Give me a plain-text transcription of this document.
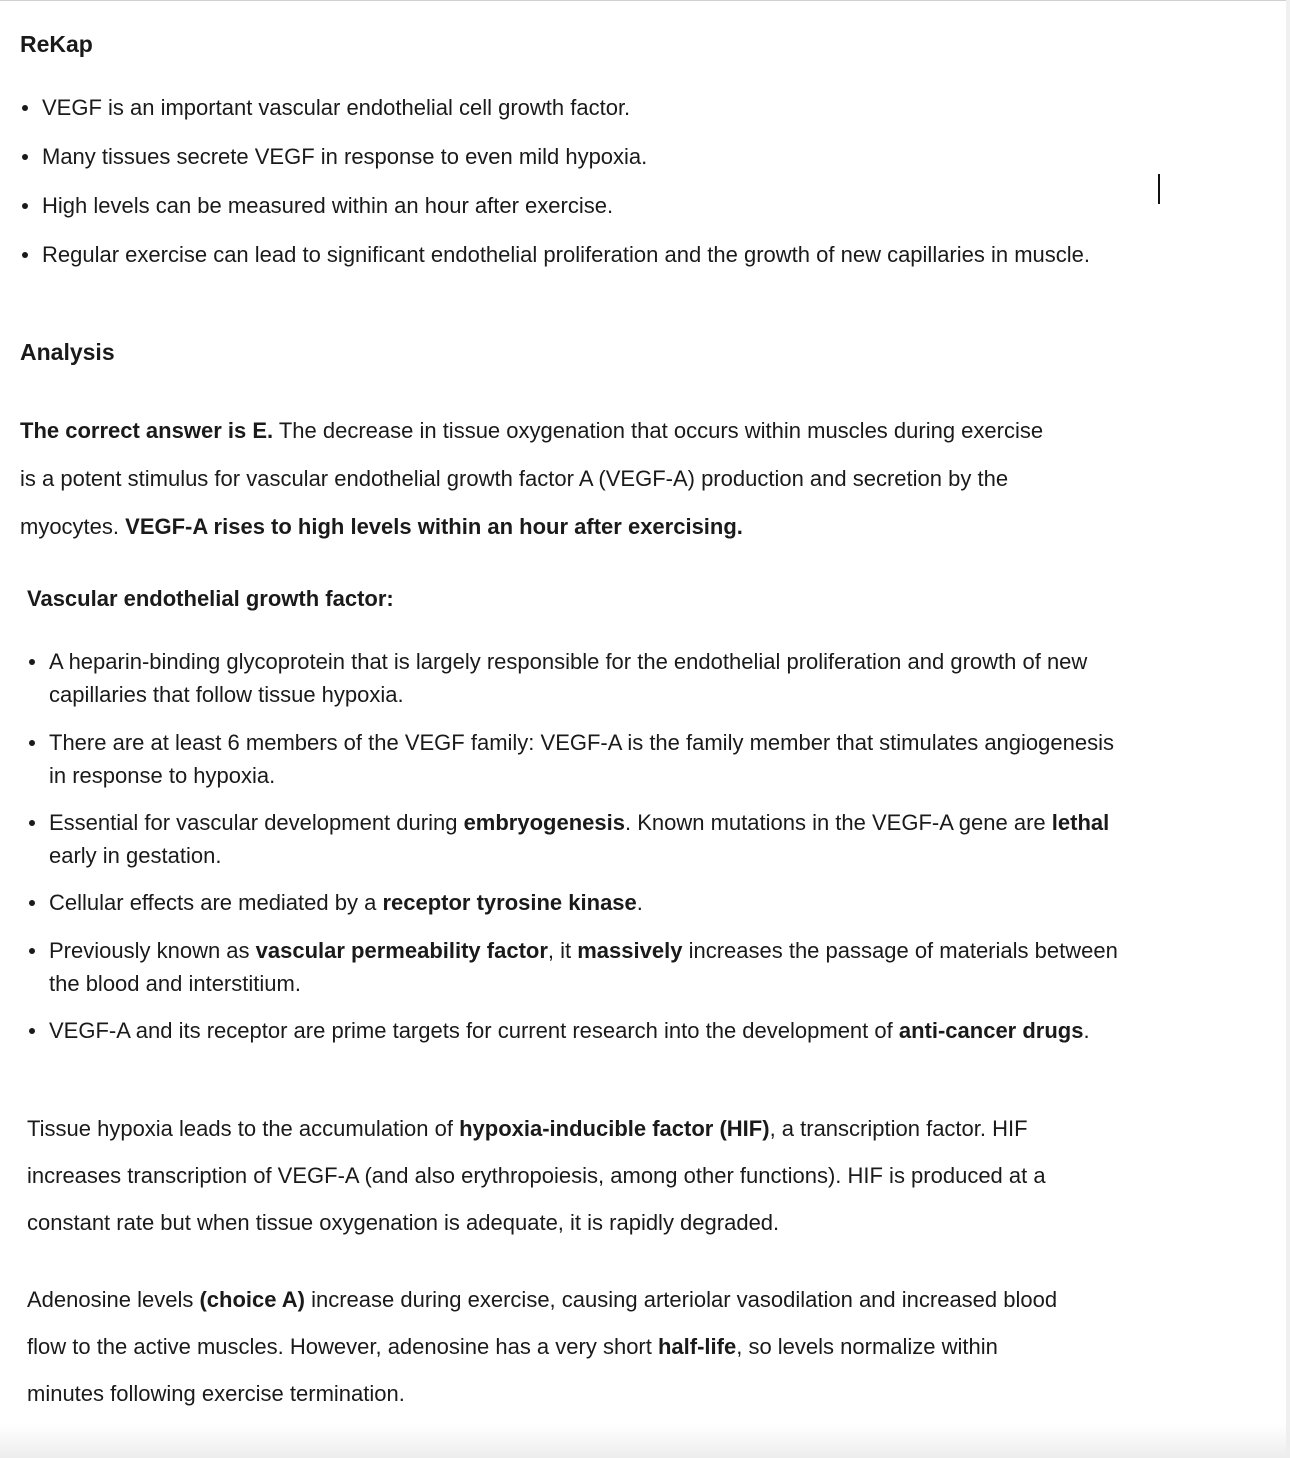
ReKap
VEGF is an important vascular endothelial cell growth factor.
Many tissues secrete VEGF in response to even mild hypoxia.
High levels can be measured within an hour after exercise.
Regular exercise can lead to significant endothelial proliferation and the growth of new capillaries in muscle.
Analysis

The correct answer is E. The decrease in tissue oxygenation that occurs within muscles during exercise is a potent stimulus for vascular endothelial growth factor A (VEGF-A) production and secretion by the myocytes. VEGF-A rises to high levels within an hour after exercising.

Vascular endothelial growth factor:
A heparin-binding glycoprotein that is largely responsible for the endothelial proliferation and growth of new capillaries that follow tissue hypoxia.
There are at least 6 members of the VEGF family: VEGF-A is the family member that stimulates angiogenesis in response to hypoxia.
Essential for vascular development during embryogenesis. Known mutations in the VEGF-A gene are lethal early in gestation.
Cellular effects are mediated by a receptor tyrosine kinase.
Previously known as vascular permeability factor, it massively increases the passage of materials between the blood and interstitium.
VEGF-A and its receptor are prime targets for current research into the development of anti-cancer drugs.

Tissue hypoxia leads to the accumulation of hypoxia-inducible factor (HIF), a transcription factor. HIF increases transcription of VEGF-A (and also erythropoiesis, among other functions). HIF is produced at a constant rate but when tissue oxygenation is adequate, it is rapidly degraded.

Adenosine levels (choice A) increase during exercise, causing arteriolar vasodilation and increased blood flow to the active muscles. However, adenosine has a very short half-life, so levels normalize within minutes following exercise termination.
